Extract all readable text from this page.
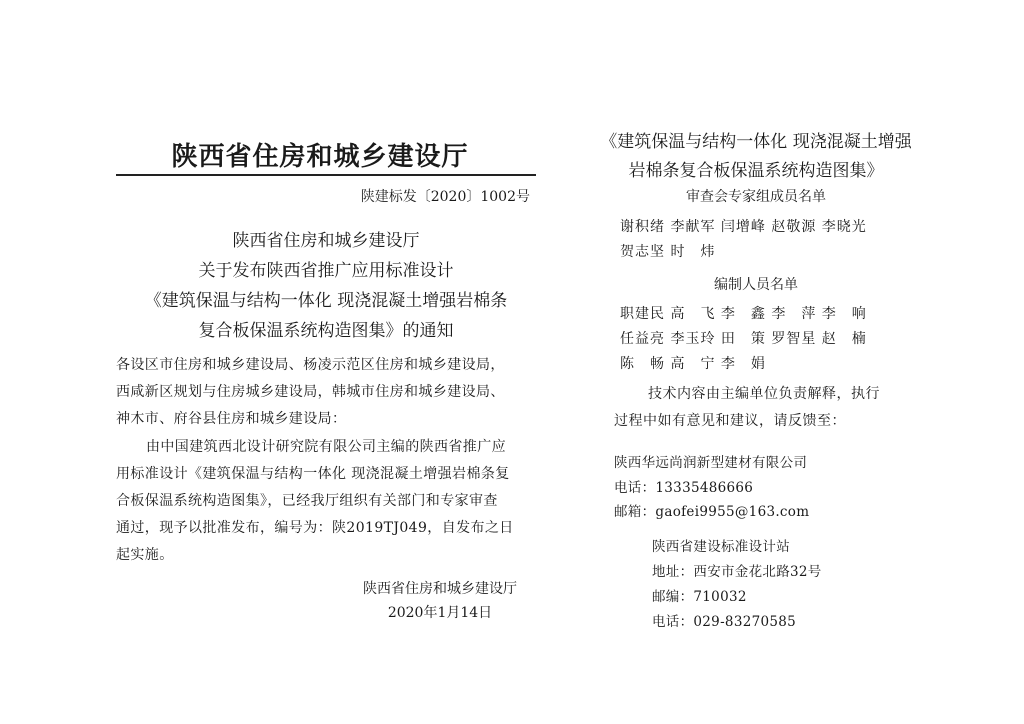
陕西省住房和城乡建设厅
陕建标发〔2020〕1002号
陕西省住房和城乡建设厅
关于发布陕西省推广应用标准设计
《建筑保温与结构一体化 现浇混凝土增强岩棉条
复合板保温系统构造图集》的通知
各设区市住房和城乡建设局、杨凌示范区住房和城乡建设局，
西咸新区规划与住房城乡建设局，韩城市住房和城乡建设局、
神木市、府谷县住房和城乡建设局：
由中国建筑西北设计研究院有限公司主编的陕西省推广应
用标准设计《建筑保温与结构一体化 现浇混凝土增强岩棉条复
合板保温系统构造图集》，已经我厅组织有关部门和专家审查
通过，现予以批准发布，编号为：陕2019TJ049，自发布之日
起实施。
陕西省住房和城乡建设厅
2020年1月14日
《建筑保温与结构一体化 现浇混凝土增强
岩棉条复合板保温系统构造图集》
审查会专家组成员名单
谢积绪 李献军 闫增峰 赵敬源 李晓光
贺志坚 时　炜
编制人员名单
职建民 高　飞 李　鑫 李　萍 李　响
任益亮 李玉玲 田　策 罗智星 赵　楠
陈　畅 高　宁 李　娟
技术内容由主编单位负责解释，执行
过程中如有意见和建议，请反馈至：
陕西华远尚润新型建材有限公司
电话：13335486666
邮箱：gaofei9955@163.com
陕西省建设标准设计站
地址：西安市金花北路32号
邮编：710032
电话：029-83270585
